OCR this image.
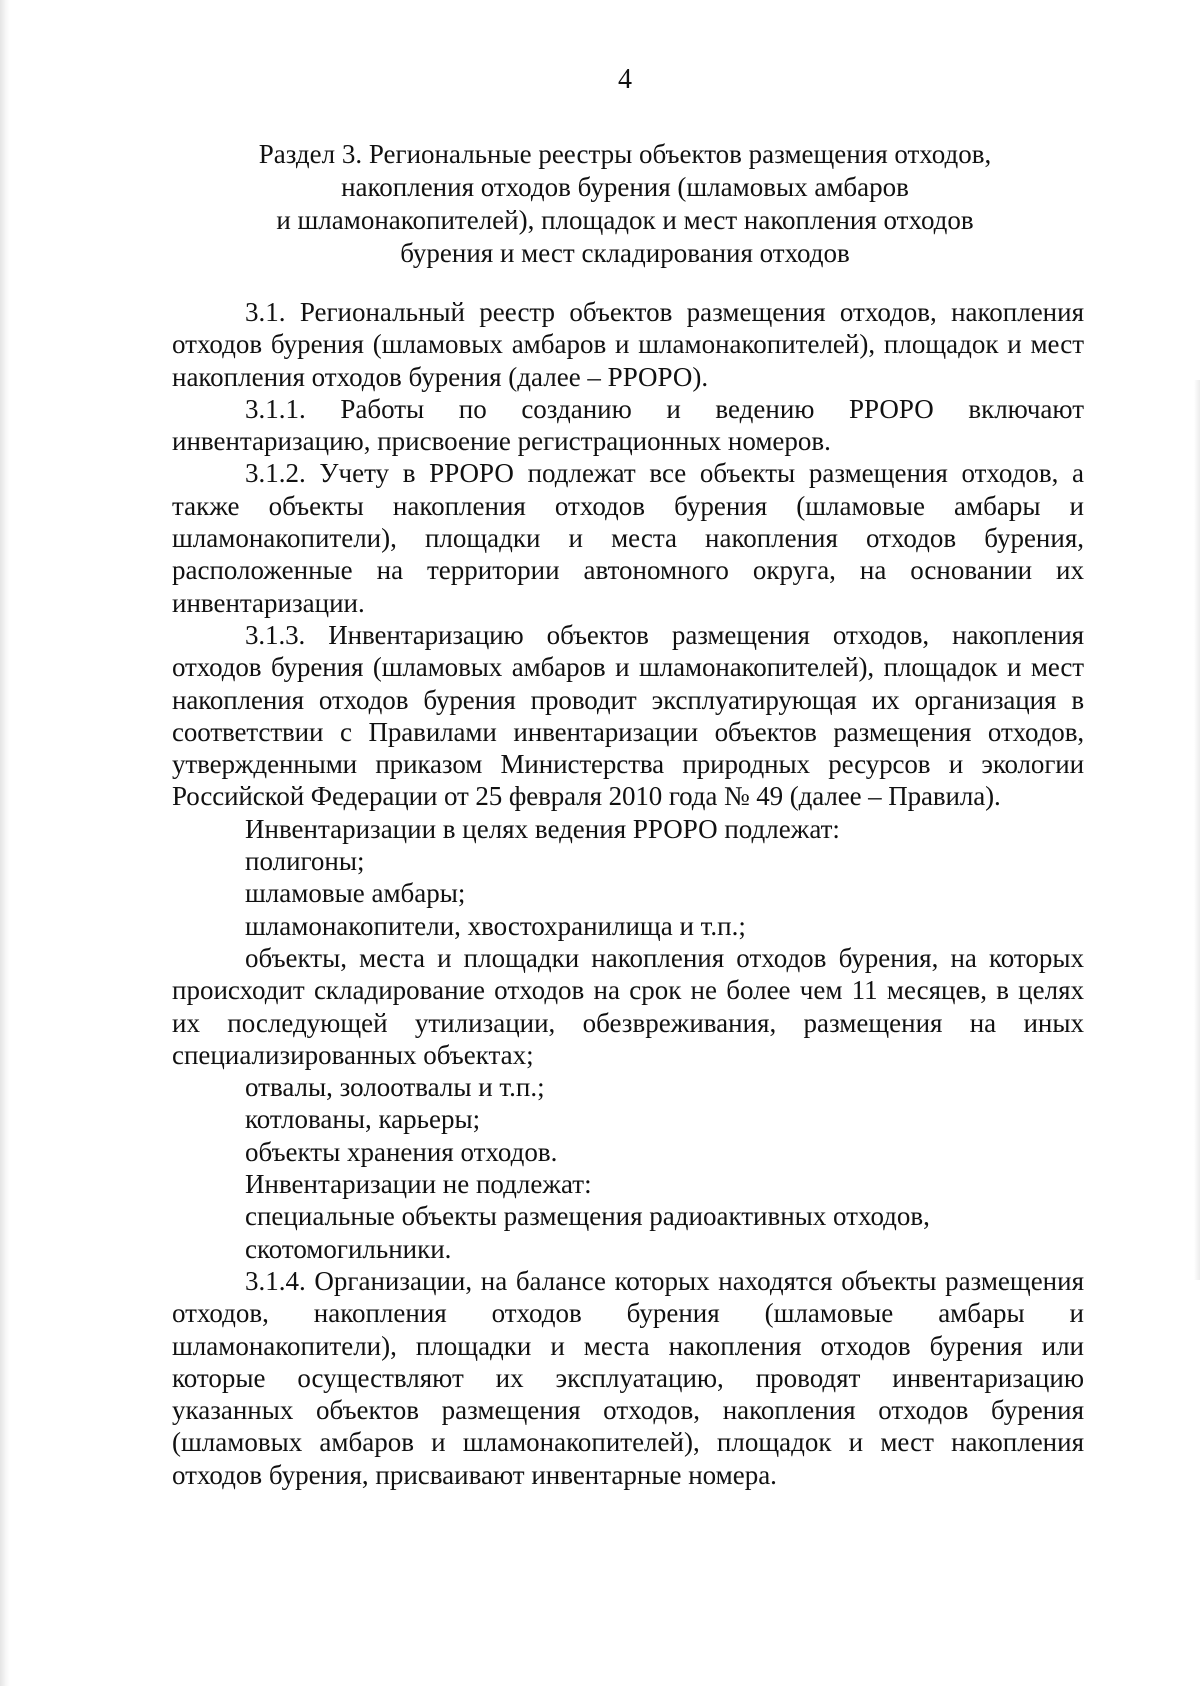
4
Раздел 3. Региональные реестры объектов размещения отходов,
накопления отходов бурения (шламовых амбаров
и шламонакопителей), площадок и мест накопления отходов
бурения и мест складирования отходов

3.1. Региональный реестр объектов размещения отходов, накопления отходов бурения (шламовых амбаров и шламонакопителей), площадок и мест накопления отходов бурения (далее – РРОРО).

3.1.1. Работы по созданию и ведению РРОРО включают инвентаризацию, присвоение регистрационных номеров.

3.1.2. Учету в РРОРО подлежат все объекты размещения отходов, а также объекты накопления отходов бурения (шламовые амбары и шламонакопители), площадки и места накопления отходов бурения, расположенные на территории автономного округа, на основании их инвентаризации.

3.1.3. Инвентаризацию объектов размещения отходов, накопления отходов бурения (шламовых амбаров и шламонакопителей), площадок и мест накопления отходов бурения проводит эксплуатирующая их организация в соответствии с Правилами инвентаризации объектов размещения отходов, утвержденными приказом Министерства природных ресурсов и экологии Российской Федерации от 25 февраля 2010 года № 49 (далее – Правила).

Инвентаризации в целях ведения РРОРО подлежат:

полигоны;

шламовые амбары;

шламонакопители, хвостохранилища и т.п.;

объекты, места и площадки накопления отходов бурения, на которых происходит складирование отходов на срок не более чем 11 месяцев, в целях их последующей утилизации, обезвреживания, размещения на иных специализированных объектах;

отвалы, золоотвалы и т.п.;

котлованы, карьеры;

объекты хранения отходов.

Инвентаризации не подлежат:

специальные объекты размещения радиоактивных отходов,

скотомогильники.

3.1.4. Организации, на балансе которых находятся объекты размещения отходов, накопления отходов бурения (шламовые амбары и шламонакопители), площадки и места накопления отходов бурения или которые осуществляют их эксплуатацию, проводят инвентаризацию указанных объектов размещения отходов, накопления отходов бурения (шламовых амбаров и шламонакопителей), площадок и мест накопления отходов бурения, присваивают инвентарные номера.
